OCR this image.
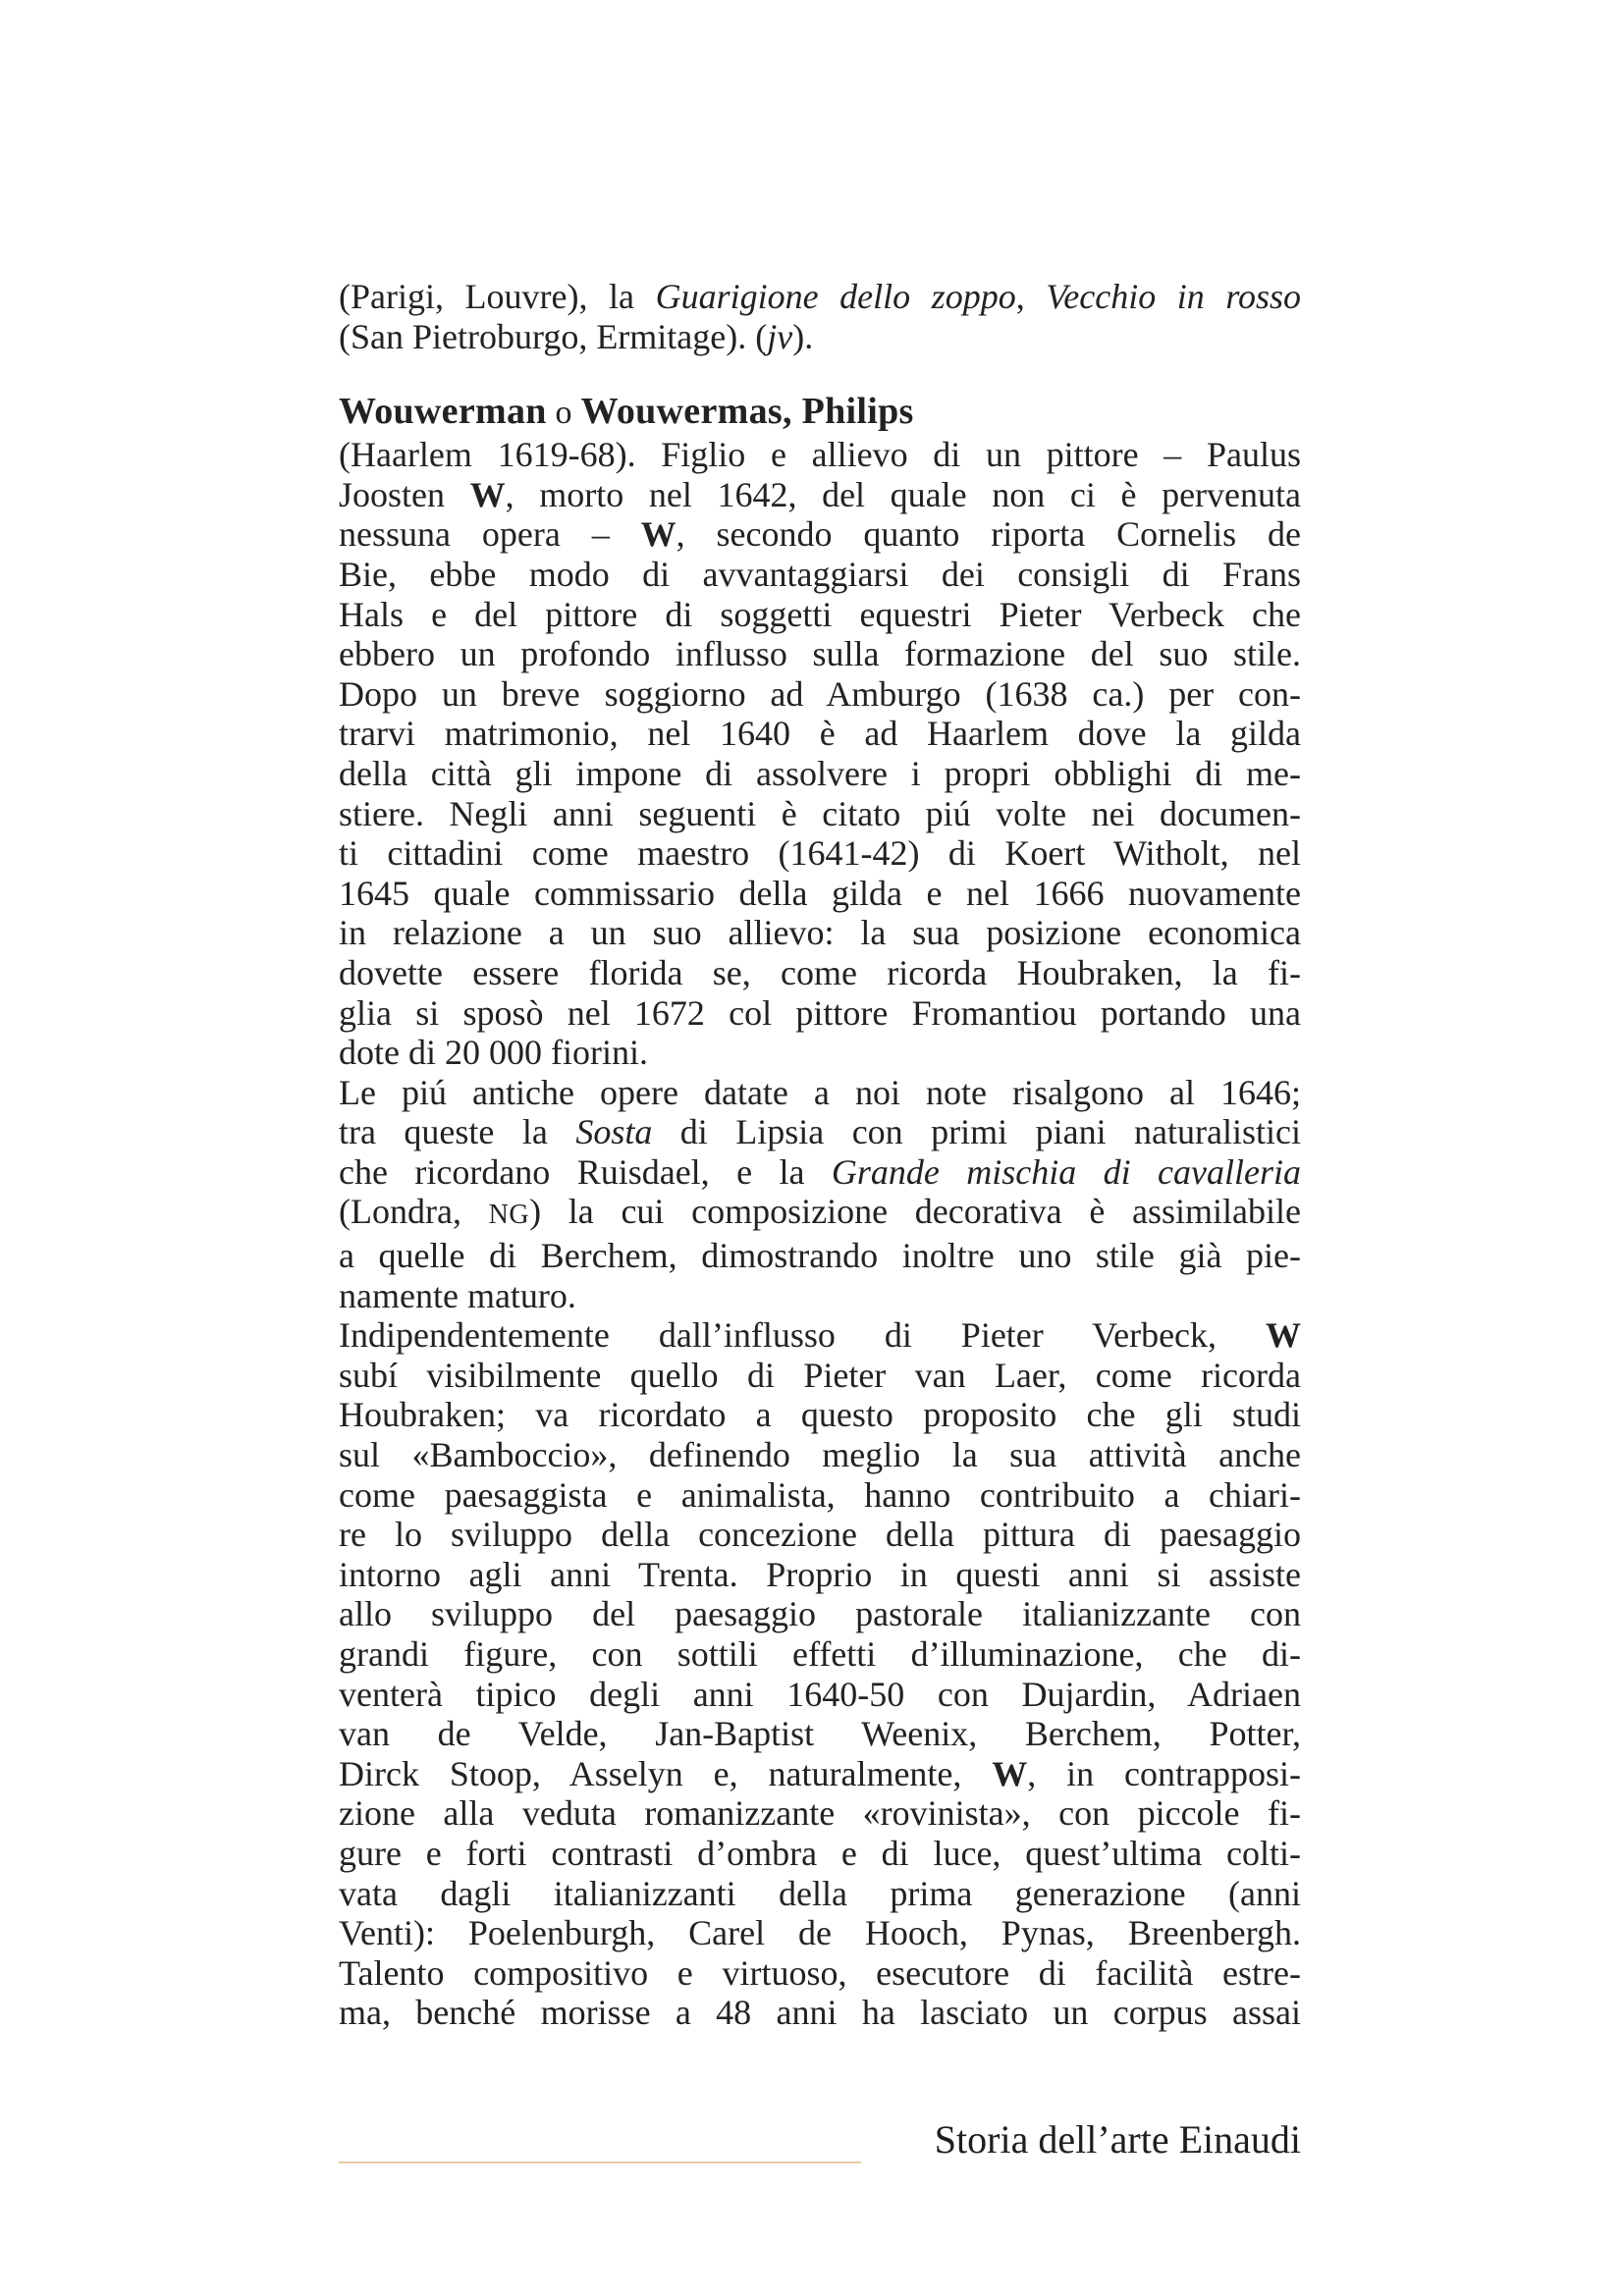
(Parigi, Louvre), la Guarigione dello zoppo, Vecchio in rosso
(San Pietroburgo, Ermitage). (jv).
Wouwerman o Wouwermas, Philips
(Haarlem 1619-68). Figlio e allievo di un pittore – Paulus
Joosten W, morto nel 1642, del quale non ci è pervenuta
nessuna opera – W, secondo quanto riporta Cornelis de
Bie, ebbe modo di avvantaggiarsi dei consigli di Frans
Hals e del pittore di soggetti equestri Pieter Verbeck che
ebbero un profondo influsso sulla formazione del suo stile.
Dopo un breve soggiorno ad Amburgo (1638 ca.) per con-
trarvi matrimonio, nel 1640 è ad Haarlem dove la gilda
della città gli impone di assolvere i propri obblighi di me-
stiere. Negli anni seguenti è citato piú volte nei documen-
ti cittadini come maestro (1641-42) di Koert Witholt, nel
1645 quale commissario della gilda e nel 1666 nuovamente
in relazione a un suo allievo: la sua posizione economica
dovette essere florida se, come ricorda Houbraken, la fi-
glia si sposò nel 1672 col pittore Fromantiou portando una
dote di 20 000 fiorini.
Le piú antiche opere datate a noi note risalgono al 1646;
tra queste la Sosta di Lipsia con primi piani naturalistici
che ricordano Ruisdael, e la Grande mischia di cavalleria
(Londra, NG) la cui composizione decorativa è assimilabile
a quelle di Berchem, dimostrando inoltre uno stile già pie-
namente maturo.
Indipendentemente dall’influsso di Pieter Verbeck, W
subí visibilmente quello di Pieter van Laer, come ricorda
Houbraken; va ricordato a questo proposito che gli studi
sul «Bamboccio», definendo meglio la sua attività anche
come paesaggista e animalista, hanno contribuito a chiari-
re lo sviluppo della concezione della pittura di paesaggio
intorno agli anni Trenta. Proprio in questi anni si assiste
allo sviluppo del paesaggio pastorale italianizzante con
grandi figure, con sottili effetti d’illuminazione, che di-
venterà tipico degli anni 1640-50 con Dujardin, Adriaen
van de Velde, Jan-Baptist Weenix, Berchem, Potter,
Dirck Stoop, Asselyn e, naturalmente, W, in contrapposi-
zione alla veduta romanizzante «rovinista», con piccole fi-
gure e forti contrasti d’ombra e di luce, quest’ultima colti-
vata dagli italianizzanti della prima generazione (anni
Venti): Poelenburgh, Carel de Hooch, Pynas, Breenbergh.
Talento compositivo e virtuoso, esecutore di facilità estre-
ma, benché morisse a 48 anni ha lasciato un corpus assai
Storia dell’arte Einaudi
